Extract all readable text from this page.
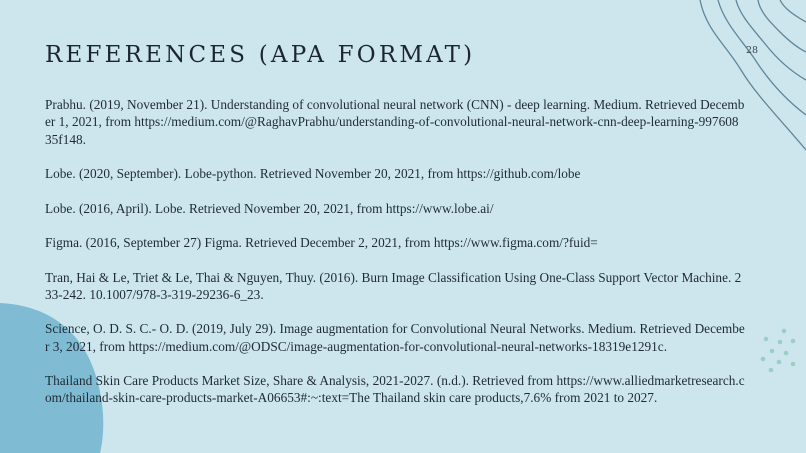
REFERENCES (APA FORMAT)	28
Prabhu. (2019, November 21). Understanding of convolutional neural network (CNN) - deep learning. Medium. Retrieved December 1, 2021, from https://medium.com/@RaghavPrabhu/understanding-of-convolutional-neural-network-cnn-deep-learning-99760835f148.
Lobe. (2020, September). Lobe-python. Retrieved November 20, 2021, from https://github.com/lobe
Lobe. (2016, April). Lobe. Retrieved November 20, 2021, from https://www.lobe.ai/
Figma. (2016, September 27) Figma. Retrieved December 2, 2021, from https://www.figma.com/?fuid=
Tran, Hai & Le, Triet & Le, Thai & Nguyen, Thuy. (2016). Burn Image Classification Using One-Class Support Vector Machine. 233-242. 10.1007/978-3-319-29236-6_23.
Science, O. D. S. C.- O. D. (2019, July 29). Image augmentation for Convolutional Neural Networks. Medium. Retrieved December 3, 2021, from https://medium.com/@ODSC/image-augmentation-for-convolutional-neural-networks-18319e1291c.
Thailand Skin Care Products Market Size, Share & Analysis, 2021-2027. (n.d.). Retrieved from https://www.alliedmarketresearch.com/thailand-skin-care-products-market-A06653#:~:text=The Thailand skin care products,7.6% from 2021 to 2027.
